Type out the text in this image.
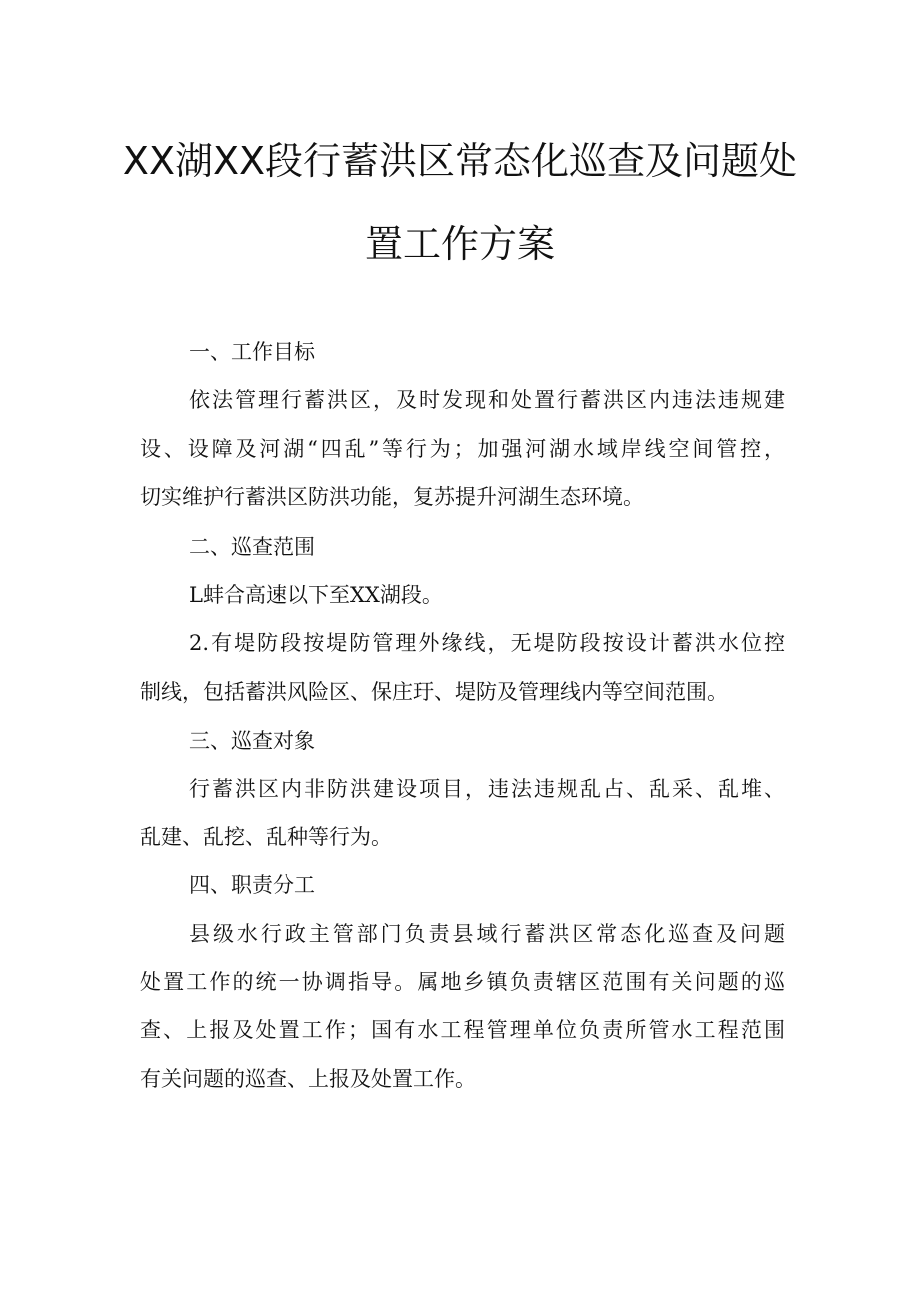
XX湖XX段行蓄洪区常态化巡查及问题处
置工作方案
一、工作目标
依法管理行蓄洪区，及时发现和处置行蓄洪区内违法违规建
设、设障及河湖“四乱”等行为；加强河湖水域岸线空间管控，
切实维护行蓄洪区防洪功能，复苏提升河湖生态环境。
二、巡查范围
L蚌合高速以下至XX湖段。
2.有堤防段按堤防管理外缘线，无堤防段按设计蓄洪水位控
制线，包括蓄洪风险区、保庄玗、堤防及管理线内等空间范围。
三、巡查对象
行蓄洪区内非防洪建设项目，违法违规乱占、乱采、乱堆、
乱建、乱挖、乱种等行为。
四、职责分工
县级水行政主管部门负责县域行蓄洪区常态化巡查及问题
处置工作的统一协调指导。属地乡镇负责辖区范围有关问题的巡
查、上报及处置工作；国有水工程管理单位负责所管水工程范围
有关问题的巡查、上报及处置工作。
